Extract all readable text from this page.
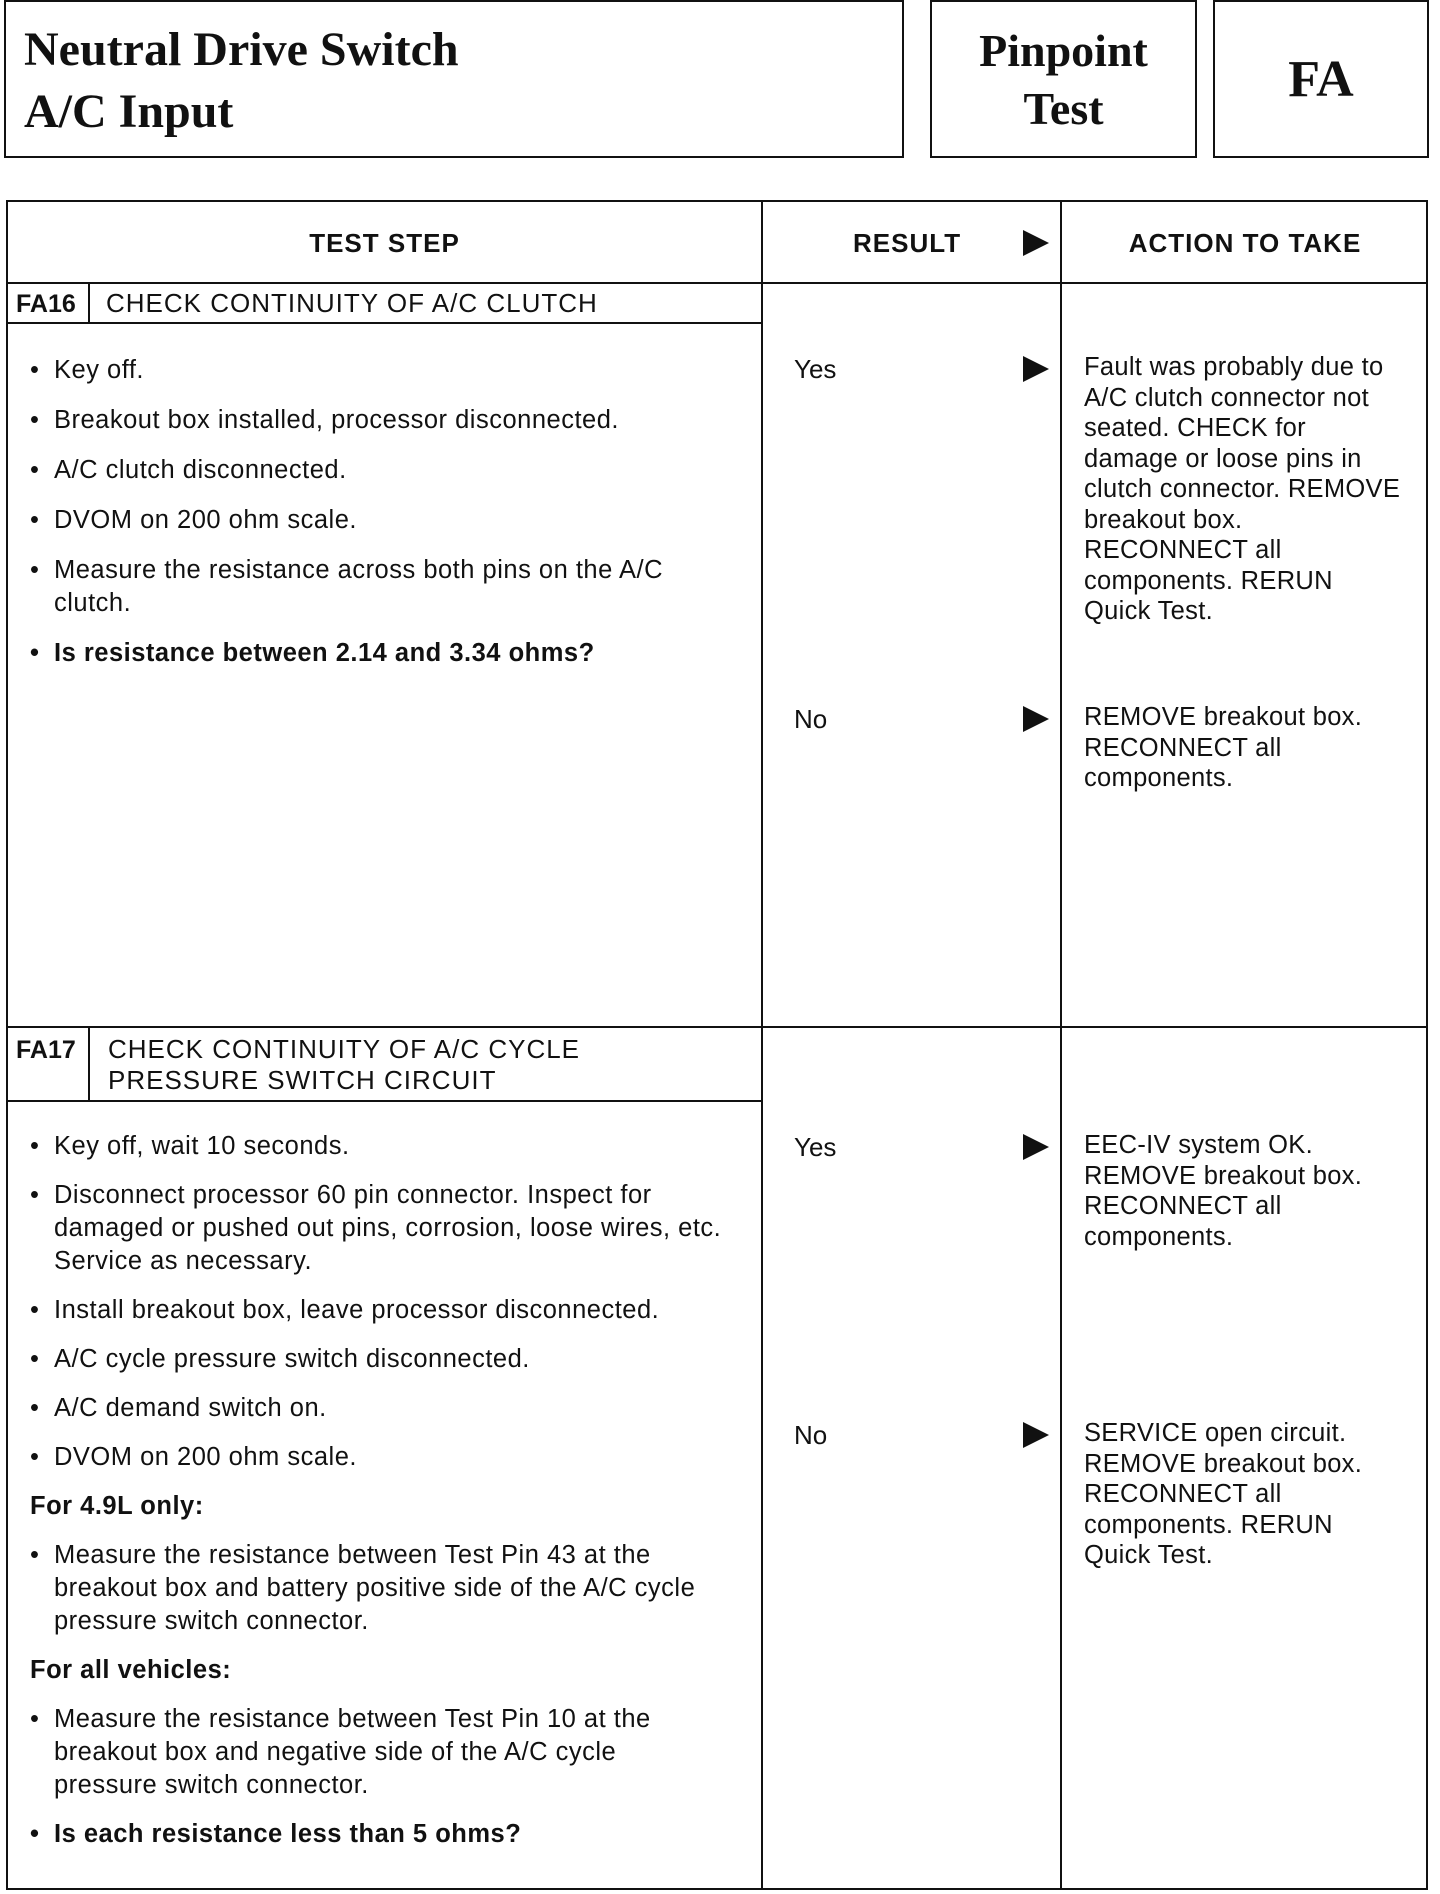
Neutral Drive Switch
A/C Input
Pinpoint
Test
FA
TEST STEP	RESULT	ACTION TO TAKE
FA16 CHECK CONTINUITY OF A/C CLUTCH
• Key off.
• Breakout box installed, processor disconnected.
• A/C clutch disconnected.
• DVOM on 200 ohm scale.
• Measure the resistance across both pins on the A/C clutch.
• Is resistance between 2.14 and 3.34 ohms?
Yes	Fault was probably due to A/C clutch connector not seated. CHECK for damage or loose pins in clutch connector. REMOVE breakout box. RECONNECT all components. RERUN Quick Test.
No	REMOVE breakout box. RECONNECT all components.
FA17 CHECK CONTINUITY OF A/C CYCLE
PRESSURE SWITCH CIRCUIT
• Key off, wait 10 seconds.
• Disconnect processor 60 pin connector. Inspect for damaged or pushed out pins, corrosion, loose wires, etc. Service as necessary.
• Install breakout box, leave processor disconnected.
• A/C cycle pressure switch disconnected.
• A/C demand switch on.
• DVOM on 200 ohm scale.
For 4.9L only:
• Measure the resistance between Test Pin 43 at the breakout box and battery positive side of the A/C cycle pressure switch connector.
For all vehicles:
• Measure the resistance between Test Pin 10 at the breakout box and negative side of the A/C cycle pressure switch connector.
• Is each resistance less than 5 ohms?
Yes	EEC-IV system OK. REMOVE breakout box. RECONNECT all components.
No	SERVICE open circuit. REMOVE breakout box. RECONNECT all components. RERUN Quick Test.
